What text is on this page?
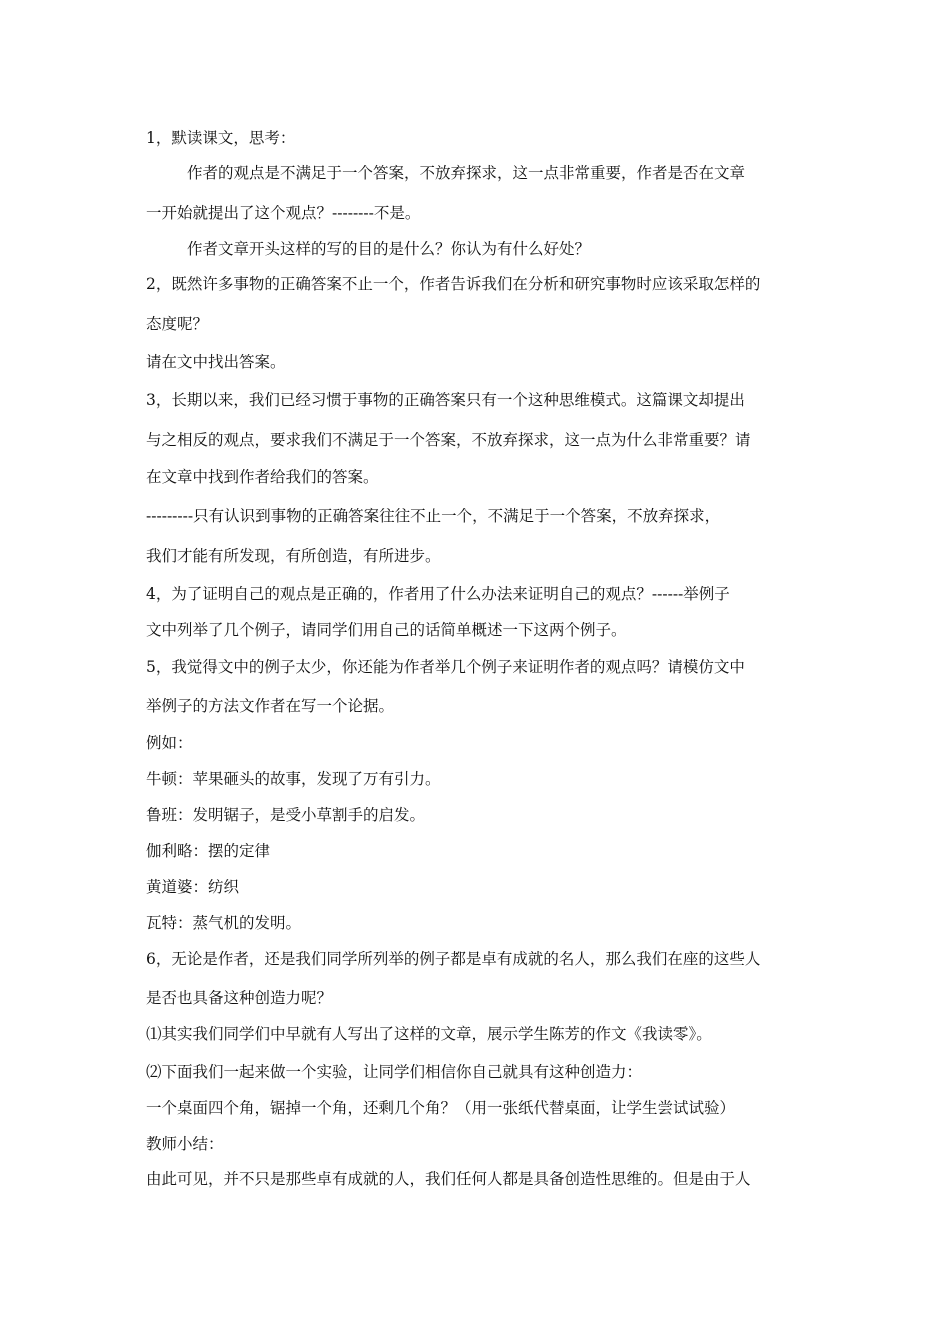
1，默读课文，思考：
作者的观点是不满足于一个答案，不放弃探求，这一点非常重要，作者是否在文章
一开始就提出了这个观点？--------不是。
作者文章开头这样的写的目的是什么？你认为有什么好处？
2，既然许多事物的正确答案不止一个，作者告诉我们在分析和研究事物时应该采取怎样的
态度呢？
请在文中找出答案。
3，长期以来，我们已经习惯于事物的正确答案只有一个这种思维模式。这篇课文却提出
与之相反的观点，要求我们不满足于一个答案，不放弃探求，这一点为什么非常重要？请
在文章中找到作者给我们的答案。
---------只有认识到事物的正确答案往往不止一个，不满足于一个答案，不放弃探求，
我们才能有所发现，有所创造，有所进步。
4，为了证明自己的观点是正确的，作者用了什么办法来证明自己的观点？------举例子
文中列举了几个例子，请同学们用自己的话简单概述一下这两个例子。
5，我觉得文中的例子太少，你还能为作者举几个例子来证明作者的观点吗？请模仿文中
举例子的方法文作者在写一个论据。
例如：
牛顿：苹果砸头的故事，发现了万有引力。
鲁班：发明锯子，是受小草割手的启发。
伽利略：摆的定律
黄道婆：纺织
瓦特：蒸气机的发明。
6，无论是作者，还是我们同学所列举的例子都是卓有成就的名人，那么我们在座的这些人
是否也具备这种创造力呢？
⑴其实我们同学们中早就有人写出了这样的文章，展示学生陈芳的作文《我读零》。
⑵下面我们一起来做一个实验，让同学们相信你自己就具有这种创造力：
一个桌面四个角，锯掉一个角，还剩几个角？（用一张纸代替桌面，让学生尝试试验）
教师小结：
由此可见，并不只是那些卓有成就的人，我们任何人都是具备创造性思维的。但是由于人
